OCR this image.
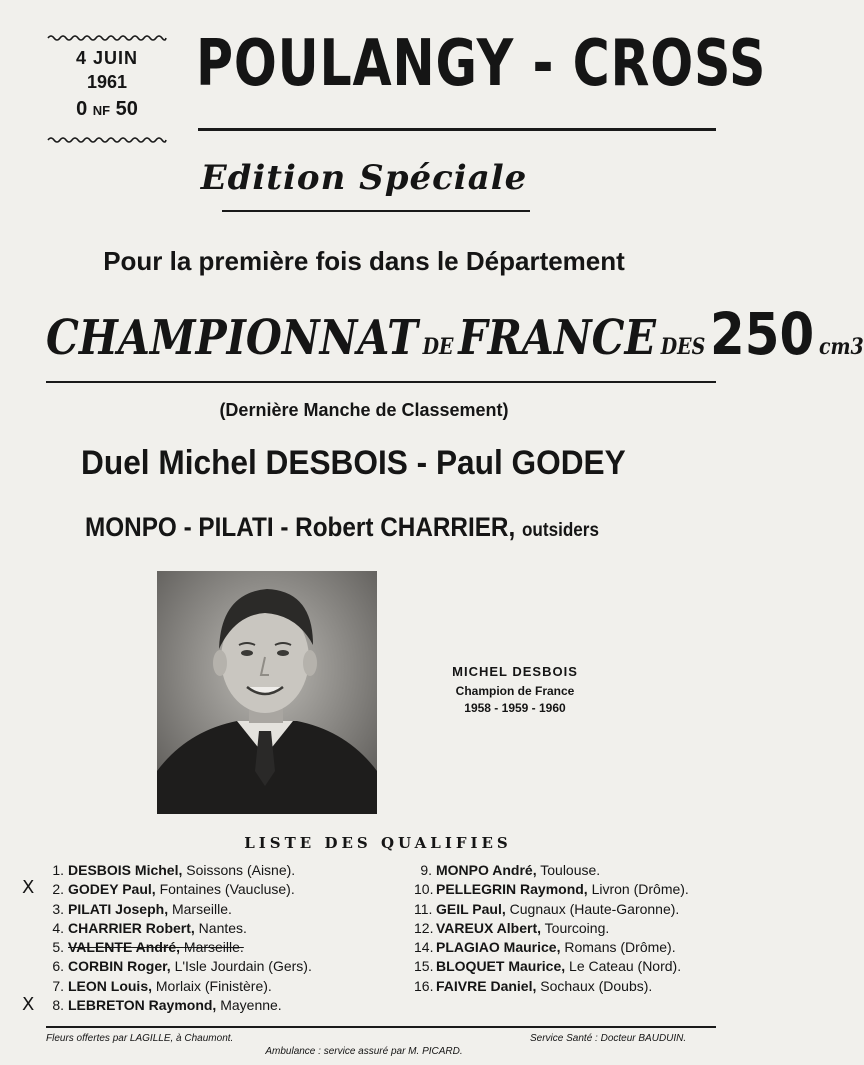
4 JUIN
1961
0 NF 50
POULANGY - CROSS
Edition Spéciale
Pour la première fois dans le Département
CHAMPIONNAT DE FRANCE DES 250 cm3
(Dernière Manche de Classement)
Duel Michel DESBOIS - Paul GODEY
MONPO - PILATI - Robert CHARRIER, outsiders
MICHEL DESBOIS
Champion de France
1958 - 1959 - 1960
LISTE DES QUALIFIES
1. DESBOIS Michel, Soissons (Aisne).
2. GODEY Paul, Fontaines (Vaucluse).
3. PILATI Joseph, Marseille.
4. CHARRIER Robert, Nantes.
5. VALENTE André, Marseille.
6. CORBIN Roger, L'Isle Jourdain (Gers).
7. LEON Louis, Morlaix (Finistère).
8. LEBRETON Raymond, Mayenne.
X
X
9. MONPO André, Toulouse.
10. PELLEGRIN Raymond, Livron (Drôme).
11. GEIL Paul, Cugnaux (Haute-Garonne).
12. VAREUX Albert, Tourcoing.
14. PLAGIAO Maurice, Romans (Drôme).
15. BLOQUET Maurice, Le Cateau (Nord).
16. FAIVRE Daniel, Sochaux (Doubs).
Fleurs offertes par LAGILLE, à Chaumont.	Service Santé : Docteur BAUDUIN.
Ambulance : service assuré par M. PICARD.
